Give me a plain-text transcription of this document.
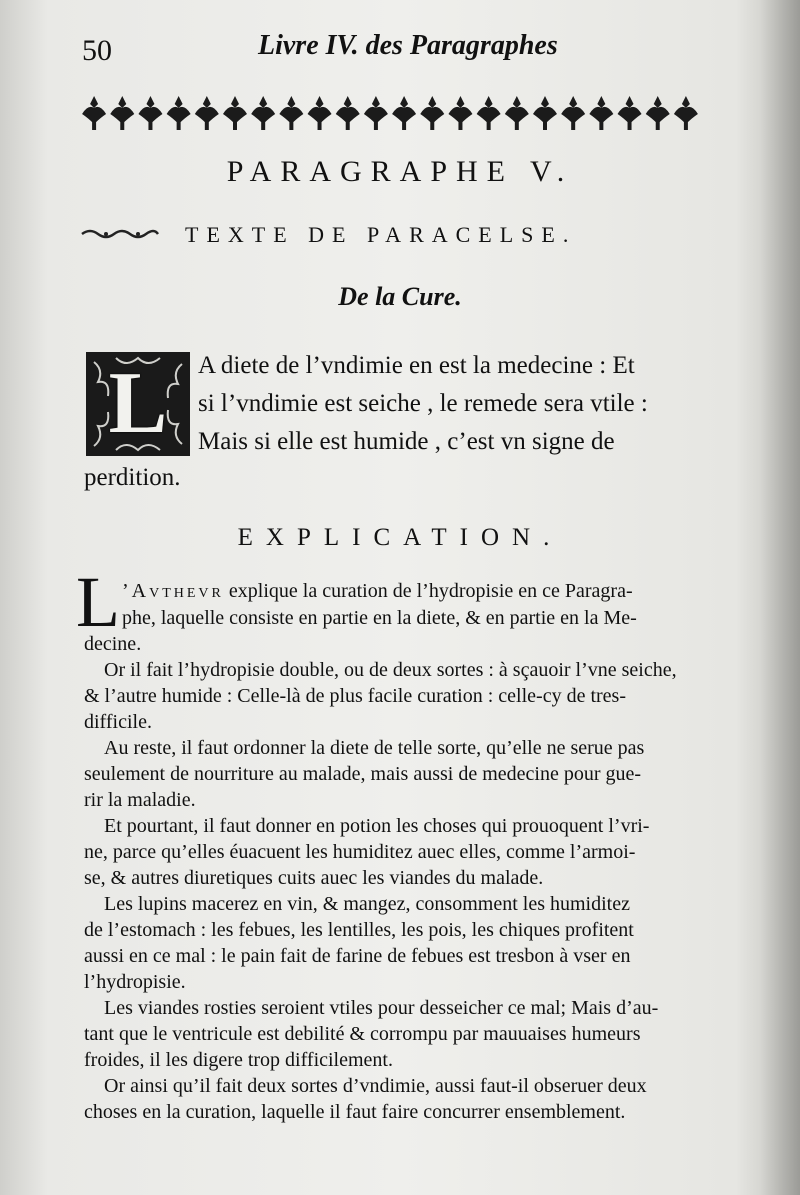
50	Livre IV. des Paragraphes
PARAGRAPHE V.
TEXTE DE PARACELSE.
De la Cure.
L A diete de l’vndimie en est la medecine : Et
si l’vndimie est seiche , le remede sera vtile :
Mais si elle est humide , c’est vn signe de
perdition.
EXPLICATION.
L ’Avthevr explique la curation de l’hydropisie en ce Paragra-
phe, laquelle consiste en partie en la diete, & en partie en la Me-
decine.
Or il fait l’hydropisie double, ou de deux sortes : à sçauoir l’vne seiche,
& l’autre humide : Celle-là de plus facile curation : celle-cy de tres-
difficile.
Au reste, il faut ordonner la diete de telle sorte, qu’elle ne serue pas
seulement de nourriture au malade, mais aussi de medecine pour gue-
rir la maladie.
Et pourtant, il faut donner en potion les choses qui prouoquent l’vri-
ne, parce qu’elles éuacuent les humiditez auec elles, comme l’armoi-
se, & autres diuretiques cuits auec les viandes du malade.
Les lupins macerez en vin, & mangez, consomment les humiditez
de l’estomach : les febues, les lentilles, les pois, les chiques profitent
aussi en ce mal : le pain fait de farine de febues est tresbon à vser en
l’hydropisie.
Les viandes rosties seroient vtiles pour desseicher ce mal; Mais d’au-
tant que le ventricule est debilité & corrompu par mauuaises humeurs
froides, il les digere trop difficilement.
Or ainsi qu’il fait deux sortes d’vndimie, aussi faut-il obseruer deux
choses en la curation, laquelle il faut faire concurrer ensemblement.
